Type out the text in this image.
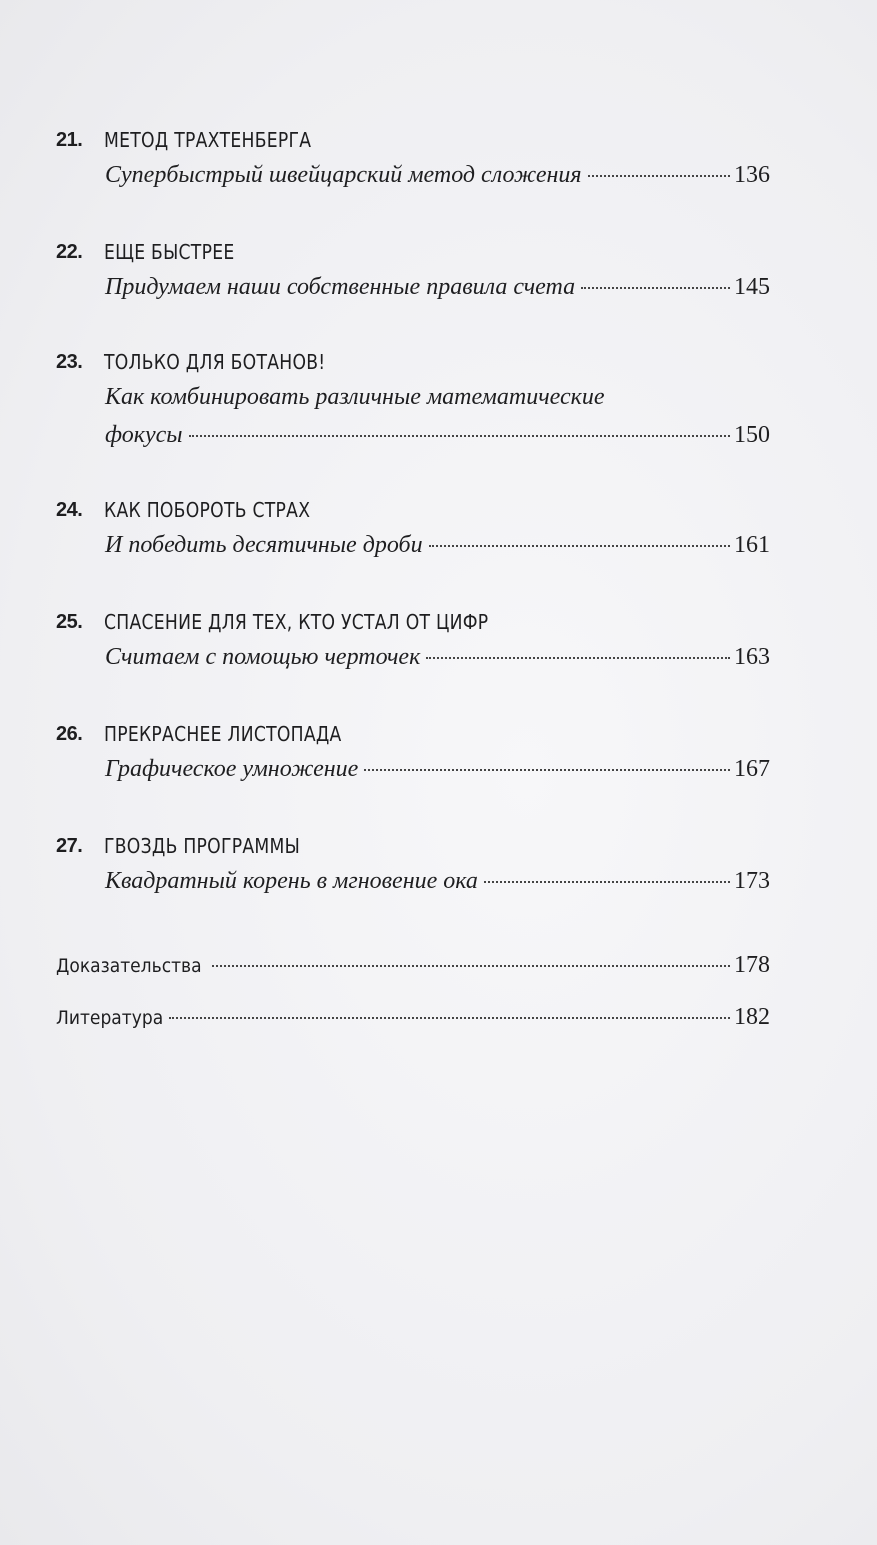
21.	МЕТОД ТРАХТЕНБЕРГА
Супербыстрый швейцарский метод сложения	136
22.	ЕЩЕ БЫСТРЕЕ
Придумаем наши собственные правила счета	145
23.	ТОЛЬКО ДЛЯ БОТАНОВ!
Как комбинировать различные математические
фокусы	150
24.	КАК ПОБОРОТЬ СТРАХ
И победить десятичные дроби	161
25.	СПАСЕНИЕ ДЛЯ ТЕХ, КТО УСТАЛ ОТ ЦИФР
Считаем с помощью черточек	163
26.	ПРЕКРАСНЕЕ ЛИСТОПАДА
Графическое умножение	167
27.	ГВОЗДЬ ПРОГРАММЫ
Квадратный корень в мгновение ока	173
Доказательства	178
Литература	182
